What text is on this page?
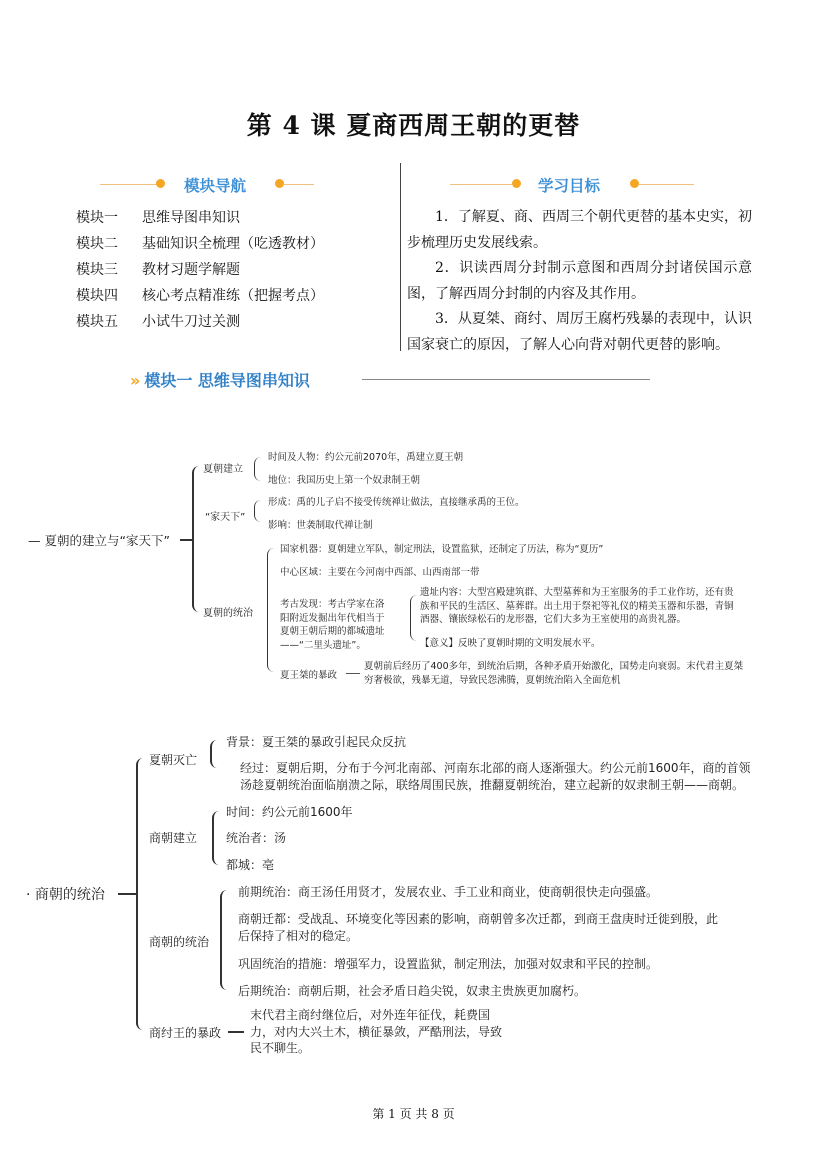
第 4 课 夏商西周王朝的更替
模块导航	学习目标
模块一 思维导图串知识
模块二 基础知识全梳理（吃透教材）
模块三 教材习题学解题
模块四 核心考点精准练（把握考点）
模块五 小试牛刀过关测

1．了解夏、商、西周三个朝代更替的基本史实，初步梳理历史发展线索。

2．识读西周分封制示意图和西周分封诸侯国示意图，了解西周分封制的内容及其作用。

3．从夏桀、商纣、周厉王腐朽残暴的表现中，认识国家衰亡的原因，了解人心向背对朝代更替的影响。

» 模块一 思维导图串知识
— 夏朝的建立与“家天下”
夏朝建立
时间及人物：约公元前2070年，禹建立夏王朝
地位：我国历史上第一个奴隶制王朝
“家天下”
形成：禹的儿子启不接受传统禅让做法，直接继承禹的王位。
影响：世袭制取代禅让制
夏朝的统治
国家机器：夏朝建立军队，制定刑法，设置监狱，还制定了历法，称为“夏历”
中心区域：主要在今河南中西部、山西南部一带
考古发现：考古学家在洛
阳附近发掘出年代相当于
夏朝王朝后期的都城遗址
——“二里头遗址”。
遗址内容：大型宫殿建筑群、大型墓葬和为王室服务的手工业作坊，还有贵
族和平民的生活区、墓葬群。出土用于祭祀等礼仪的精美玉器和乐器，青铜
酒器、镶嵌绿松石的龙形器，它们大多为王室使用的高贵礼器。
【意义】反映了夏朝时期的文明发展水平。
夏王桀的暴政
夏朝前后经历了400多年，到统治后期，各种矛盾开始激化，国势走向衰弱。末代君主夏桀
穷奢极欲，残暴无道，导致民怨沸腾，夏朝统治陷入全面危机
· 商朝的统治
夏朝灭亡
背景：夏王桀的暴政引起民众反抗
经过：夏朝后期，分布于今河北南部、河南东北部的商人逐渐强大。约公元前1600年，商的首领
汤趁夏朝统治面临崩溃之际，联络周围民族，推翻夏朝统治，建立起新的奴隶制王朝——商朝。
商朝建立
时间：约公元前1600年
统治者：汤
都城：亳
商朝的统治
前期统治：商王汤任用贤才，发展农业、手工业和商业，使商朝很快走向强盛。
商朝迁都：受战乱、环境变化等因素的影响，商朝曾多次迁都，到商王盘庚时迁徙到殷，此
后保持了相对的稳定。
巩固统治的措施：增强军力，设置监狱，制定刑法，加强对奴隶和平民的控制。
后期统治：商朝后期，社会矛盾日趋尖锐，奴隶主贵族更加腐朽。
商纣王的暴政
末代君主商纣继位后，对外连年征伐，耗费国
力，对内大兴土木，横征暴敛，严酷刑法，导致
民不聊生。
第 1 页 共 8 页
